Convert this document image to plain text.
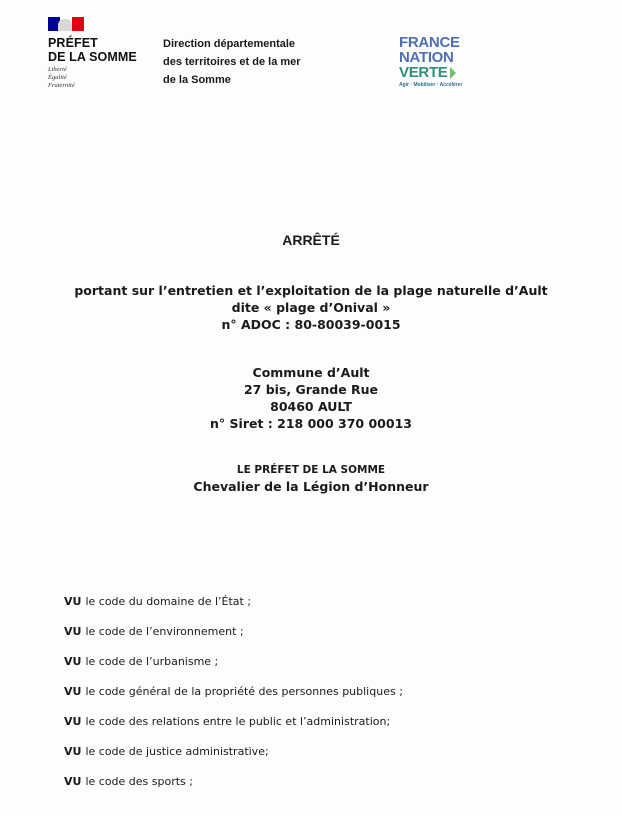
PRÉFET
DE LA SOMME
Liberté
Égalité
Fraternité
Direction départementale
des territoires et de la mer
de la Somme
FRANCE
NATION
VERTE
Agir · Mobiliser · Accélérer
ARRÊTÉ
portant sur l’entretien et l’exploitation de la plage naturelle d’Ault
dite « plage d’Onival »
n° ADOC : 80-80039-0015
Commune d’Ault
27 bis, Grande Rue
80460 AULT
n° Siret : 218 000 370 00013
LE PRÉFET DE LA SOMME
Chevalier de la Légion d’Honneur
VU le code du domaine de l’État ;
VU le code de l’environnement ;
VU le code de l’urbanisme ;
VU le code général de la propriété des personnes publiques ;
VU le code des relations entre le public et l’administration;
VU le code de justice administrative;
VU le code des sports ;
